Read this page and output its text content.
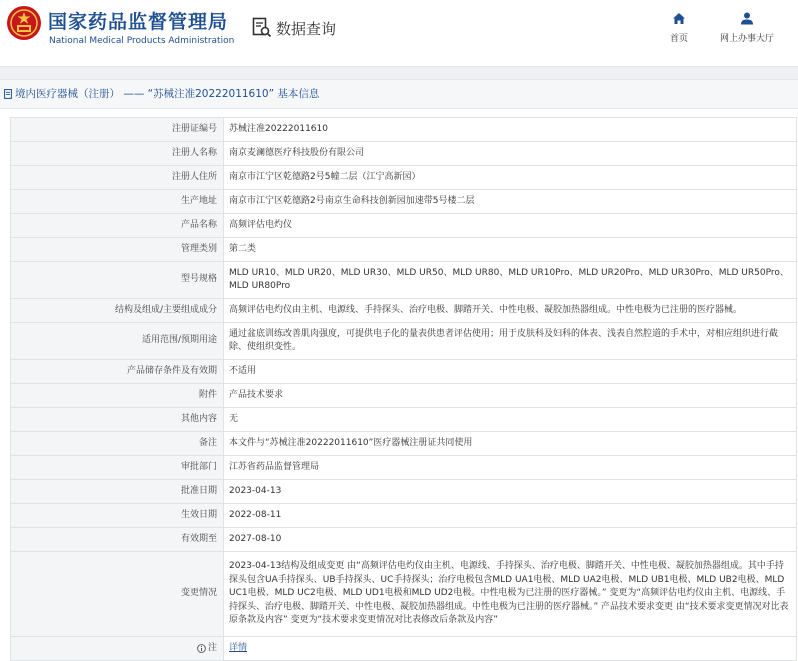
国家药品监督管理局
National Medical Products Administration
数据查询
首页	网上办事大厅
境内医疗器械（注册） —— “苏械注准20222011610” 基本信息
注册证编号	苏械注准20222011610
注册人名称	南京麦澜德医疗科技股份有限公司
注册人住所	南京市江宁区乾德路2号5幢二层（江宁高新园）
生产地址	南京市江宁区乾德路2号南京生命科技创新园加速带5号楼二层
产品名称	高频评估电灼仪
管理类别	第二类
型号规格	MLD UR10、MLD UR20、MLD UR30、MLD UR50、MLD UR80、MLD UR10Pro、MLD UR20Pro、MLD UR30Pro、MLD UR50Pro、MLD UR80Pro
结构及组成/主要组成成分	高频评估电灼仪由主机、电源线、手持探头、治疗电极、脚踏开关、中性电极、凝胶加热器组成。中性电极为已注册的医疗器械。
适用范围/预期用途	通过盆底训练改善肌肉强度，可提供电子化的量表供患者评估使用；用于皮肤科及妇科的体表、浅表自然腔道的手术中，对相应组织进行截除、使组织变性。
产品储存条件及有效期	不适用
附件	产品技术要求
其他内容	无
备注	本文件与“苏械注准20222011610”医疗器械注册证共同使用
审批部门	江苏省药品监督管理局
批准日期	2023-04-13
生效日期	2022-08-11
有效期至	2027-08-10
变更情况	2023-04-13结构及组成变更 由“高频评估电灼仪由主机、电源线、手持探头、治疗电极、脚踏开关、中性电极、凝胶加热器组成。其中手持探头包含UA手持探头、UB手持探头、UC手持探头；治疗电极包含MLD UA1电极、MLD UA2电极、MLD UB1电极、MLD UB2电极、MLD UC1电极、MLD UC2电极、MLD UD1电极和MLD UD2电极。中性电极为已注册的医疗器械。” 变更为“高频评估电灼仪由主机、电源线、手持探头、治疗电极、脚踏开关、中性电极、凝胶加热器组成。中性电极为已注册的医疗器械。” 产品技术要求变更 由“技术要求变更情况对比表原条款及内容” 变更为“技术要求变更情况对比表修改后条款及内容”

注	详情
